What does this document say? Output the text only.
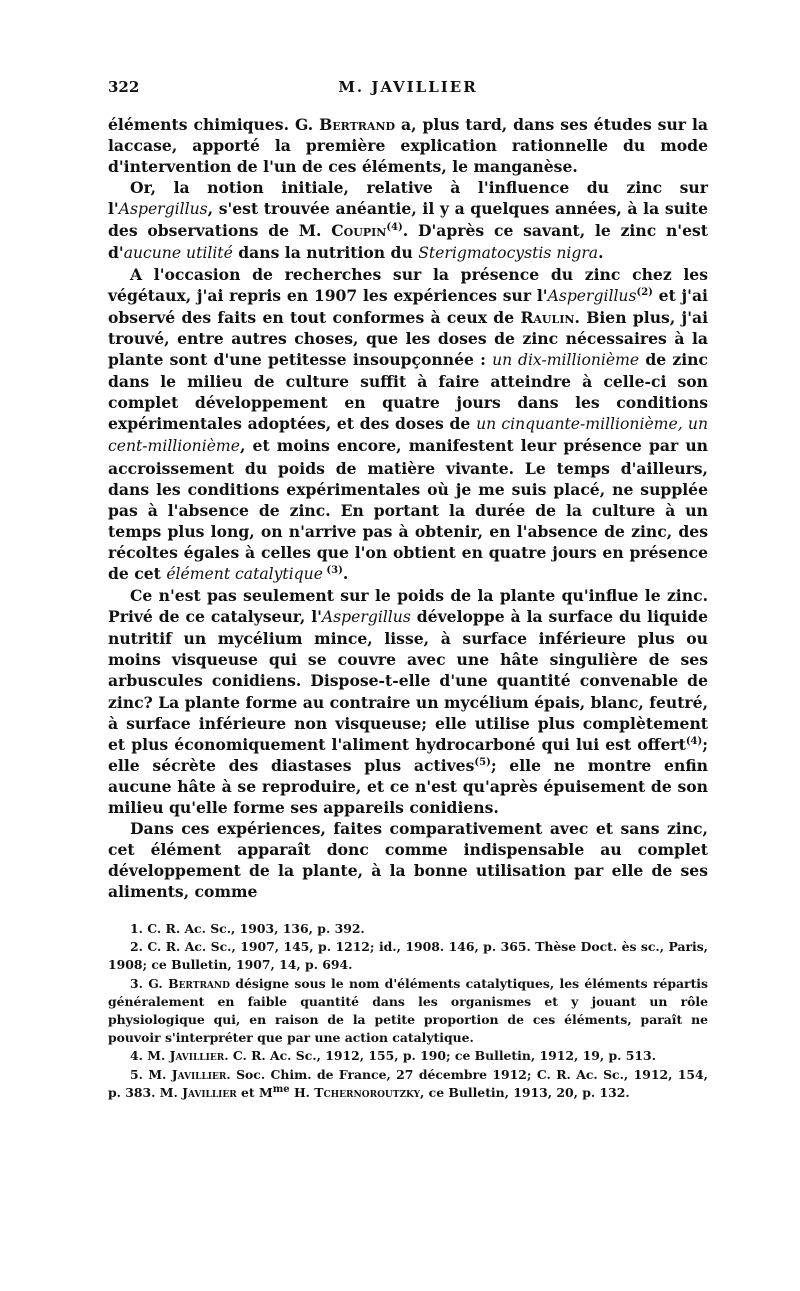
322	M. JAVILLIER

éléments chimiques. G. Bertrand a, plus tard, dans ses études sur la laccase, apporté la première explication rationnelle du mode d'intervention de l'un de ces éléments, le manganèse.

Or, la notion initiale, relative à l'influence du zinc sur l'Aspergillus, s'est trouvée anéantie, il y a quelques années, à la suite des observations de M. Coupin$^{(4)}$. D'après ce savant, le zinc n'est d'aucune utilité dans la nutrition du Sterigmatocystis nigra.

A l'occasion de recherches sur la présence du zinc chez les végétaux, j'ai repris en 1907 les expériences sur l'Aspergillus$^{(2)}$ et j'ai observé des faits en tout conformes à ceux de Raulin. Bien plus, j'ai trouvé, entre autres choses, que les doses de zinc nécessaires à la plante sont d'une petitesse insoupçonnée : un dix-millionième de zinc dans le milieu de culture suffit à faire atteindre à celle-ci son complet développement en quatre jours dans les conditions expérimentales adoptées, et des doses de un cinquante-millionième, un cent-millionième, et moins encore, manifestent leur présence par un accroissement du poids de matière vivante. Le temps d'ailleurs, dans les conditions expérimentales où je me suis placé, ne supplée pas à l'absence de zinc. En portant la durée de la culture à un temps plus long, on n'arrive pas à obtenir, en l'absence de zinc, des récoltes égales à celles que l'on obtient en quatre jours en présence de cet élément catalytique $^{(3)}$.

Ce n'est pas seulement sur le poids de la plante qu'influe le zinc. Privé de ce catalyseur, l'Aspergillus développe à la surface du liquide nutritif un mycélium mince, lisse, à surface inférieure plus ou moins visqueuse qui se couvre avec une hâte singulière de ses arbuscules conidiens. Dispose-t-elle d'une quantité convenable de zinc? La plante forme au contraire un mycélium épais, blanc, feutré, à surface inférieure non visqueuse; elle utilise plus complètement et plus économiquement l'aliment hydrocarboné qui lui est offert$^{(4)}$; elle sécrète des diastases plus actives$^{(5)}$; elle ne montre enfin aucune hâte à se reproduire, et ce n'est qu'après épuisement de son milieu qu'elle forme ses appareils conidiens.

Dans ces expériences, faites comparativement avec et sans zinc, cet élément apparaît donc comme indispensable au complet développement de la plante, à la bonne utilisation par elle de ses aliments, comme

1. C. R. Ac. Sc., 1903, 136, p. 392.

2. C. R. Ac. Sc., 1907, 145, p. 1212; id., 1908. 146, p. 365. Thèse Doct. ès sc., Paris, 1908; ce Bulletin, 1907, 14, p. 694.

3. G. Bertrand désigne sous le nom d'éléments catalytiques, les éléments répartis généralement en faible quantité dans les organismes et y jouant un rôle physiologique qui, en raison de la petite proportion de ces éléments, paraît ne pouvoir s'interpréter que par une action catalytique.

4. M. Javillier. C. R. Ac. Sc., 1912, 155, p. 190; ce Bulletin, 1912, 19, p. 513.

5. M. Javillier. Soc. Chim. de France, 27 décembre 1912; C. R. Ac. Sc., 1912, 154, p. 383. M. Javillier et $M^{me}$ H. Tchernoroutzky, ce Bulletin, 1913, 20, p. 132.
